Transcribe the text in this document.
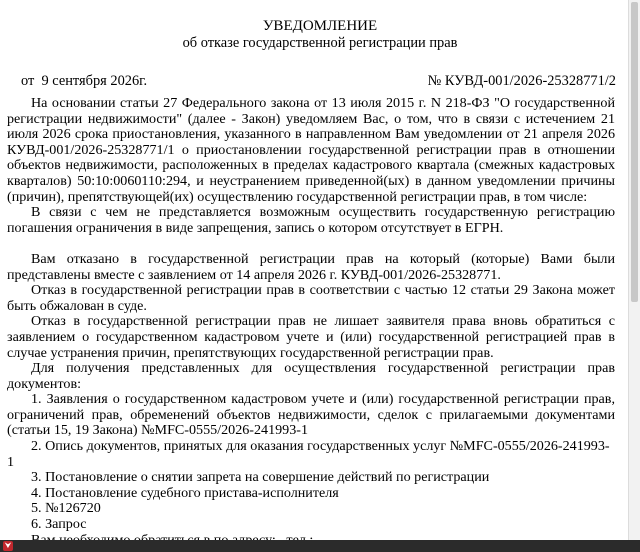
УВЕДОМЛЕНИЕ
об отказе государственной регистрации прав
от  9 сентября 2026г.	№ КУВД-001/2026-25328771/2

На основании статьи 27 Федерального закона от 13 июля 2015 г. N 218-ФЗ "О государственной регистрации недвижимости" (далее - Закон) уведомляем Вас, о том, что в связи с истечением 21 июля 2026 срока приостановления, указанного в направленном Вам уведомлении от 21 апреля 2026 КУВД-001/2026-25328771/1 о приостановлении государственной регистрации прав в отношении объектов недвижимости, расположенных в пределах кадастрового квартала (смежных кадастровых кварталов) 50:10:0060110:294, и неустранением приведенной(ых) в данном уведомлении причины (причин), препятствующей(их) осуществлению государственной регистрации прав, в том числе:

В связи с чем не представляется возможным осуществить государственную регистрацию погашения ограничения в виде запрещения, запись о котором отсутствует в ЕГРН.

Вам отказано в государственной регистрации прав на который (которые) Вами были представлены вместе с заявлением от 14 апреля 2026 г. КУВД-001/2026-25328771.

Отказ в государственной регистрации прав в соответствии с частью 12 статьи 29 Закона может быть обжалован в суде.

Отказ в государственной регистрации прав не лишает заявителя права вновь обратиться с заявлением о государственном кадастровом учете и (или) государственной регистрацией прав в случае устранения причин, препятствующих государственной регистрации прав.

Для получения представленных для осуществления государственной регистрации прав документов:

1. Заявления о государственном кадастровом учете и (или) государственной регистрации прав, ограничений прав, обременений объектов недвижимости, сделок с прилагаемыми документами (статьи 15, 19 Закона) №MFC-0555/2026-241993-1

2. Опись документов, принятых для оказания государственных услуг №MFC-0555/2026-241993-1

3. Постановление о снятии запрета на совершение действий по регистрации

4. Постановление судебного пристава-исполнителя

5. №126720

6. Запрос

⮟
